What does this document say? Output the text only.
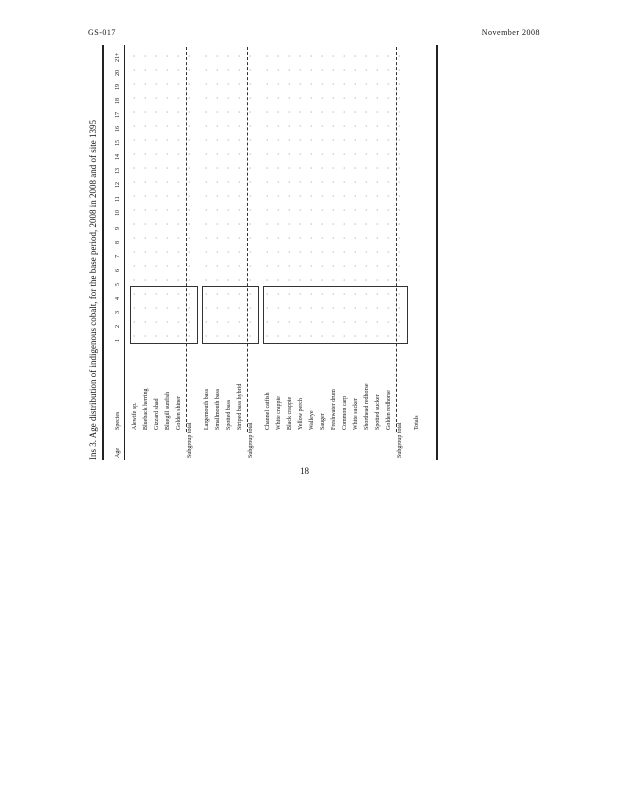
GS-017	November 2008
Ins 3. Age distribution of indigenous cobalt, for the base period, 2008 in 2008 and of site 1395	Age
Species
1
2
3
4
5
6
7
8
9
10
11
12
13
14
15
16
17
18
19
20
21+
Alewife sp.
·
·
·
·
·
·
·
·
·
·
·
·
·
·
·
·
·
·
·
·
·
Blueback herring
·
·
·
·
·
·
·
·
·
·
·
·
·
·
·
·
·
·
·
·
·
Gizzard shad
·
·
·
·
·
·
·
·
·
·
·
·
·
·
·
·
·
·
·
·
·
Bluegill sunfish
·
·
·
·
·
·
·
·
·
·
·
·
·
·
·
·
·
·
·
·
·
Golden shiner
·
·
·
·
·
·
·
·
·
·
·
·
·
·
·
·
·
·
·
·
·
Subgroup total
·
·
·
·
·
·
·
·
·
·
·
·
·
·
·
·
·
·
·
·
·
Largemouth bass
·
·
·
·
·
·
·
·
·
·
·
·
·
·
·
·
·
·
·
·
·
Smallmouth bass
·
·
·
·
·
·
·
·
·
·
·
·
·
·
·
·
·
·
·
·
·
Spotted bass
·
·
·
·
·
·
·
·
·
·
·
·
·
·
·
·
·
·
·
·
·
Striped bass hybrid
·
·
·
·
·
·
·
·
·
·
·
·
·
·
·
·
·
·
·
·
·
Subgroup total
·
·
·
·
·
·
·
·
·
·
·
·
·
·
·
·
·
·
·
·
·
Channel catfish
·
·
·
·
·
·
·
·
·
·
·
·
·
·
·
·
·
·
·
·
·
White crappie
·
·
·
·
·
·
·
·
·
·
·
·
·
·
·
·
·
·
·
·
·
Black crappie
·
·
·
·
·
·
·
·
·
·
·
·
·
·
·
·
·
·
·
·
·
Yellow perch
·
·
·
·
·
·
·
·
·
·
·
·
·
·
·
·
·
·
·
·
·
Walleye
·
·
·
·
·
·
·
·
·
·
·
·
·
·
·
·
·
·
·
·
·
Sauger
·
·
·
·
·
·
·
·
·
·
·
·
·
·
·
·
·
·
·
·
·
Freshwater drum
·
·
·
·
·
·
·
·
·
·
·
·
·
·
·
·
·
·
·
·
·
Common carp
·
·
·
·
·
·
·
·
·
·
·
·
·
·
·
·
·
·
·
·
·
White sucker
·
·
·
·
·
·
·
·
·
·
·
·
·
·
·
·
·
·
·
·
·
Shorthead redhorse
·
·
·
·
·
·
·
·
·
·
·
·
·
·
·
·
·
·
·
·
·
Spotted sucker
·
·
·
·
·
·
·
·
·
·
·
·
·
·
·
·
·
·
·
·
·
Golden redhorse
·
·
·
·
·
·
·
·
·
·
·
·
·
·
·
·
·
·
·
·
·
Subgroup total
·
·
·
·
·
·
·
·
·
·
·
·
·
·
·
·
·
·
·
·
·
Totals
18
